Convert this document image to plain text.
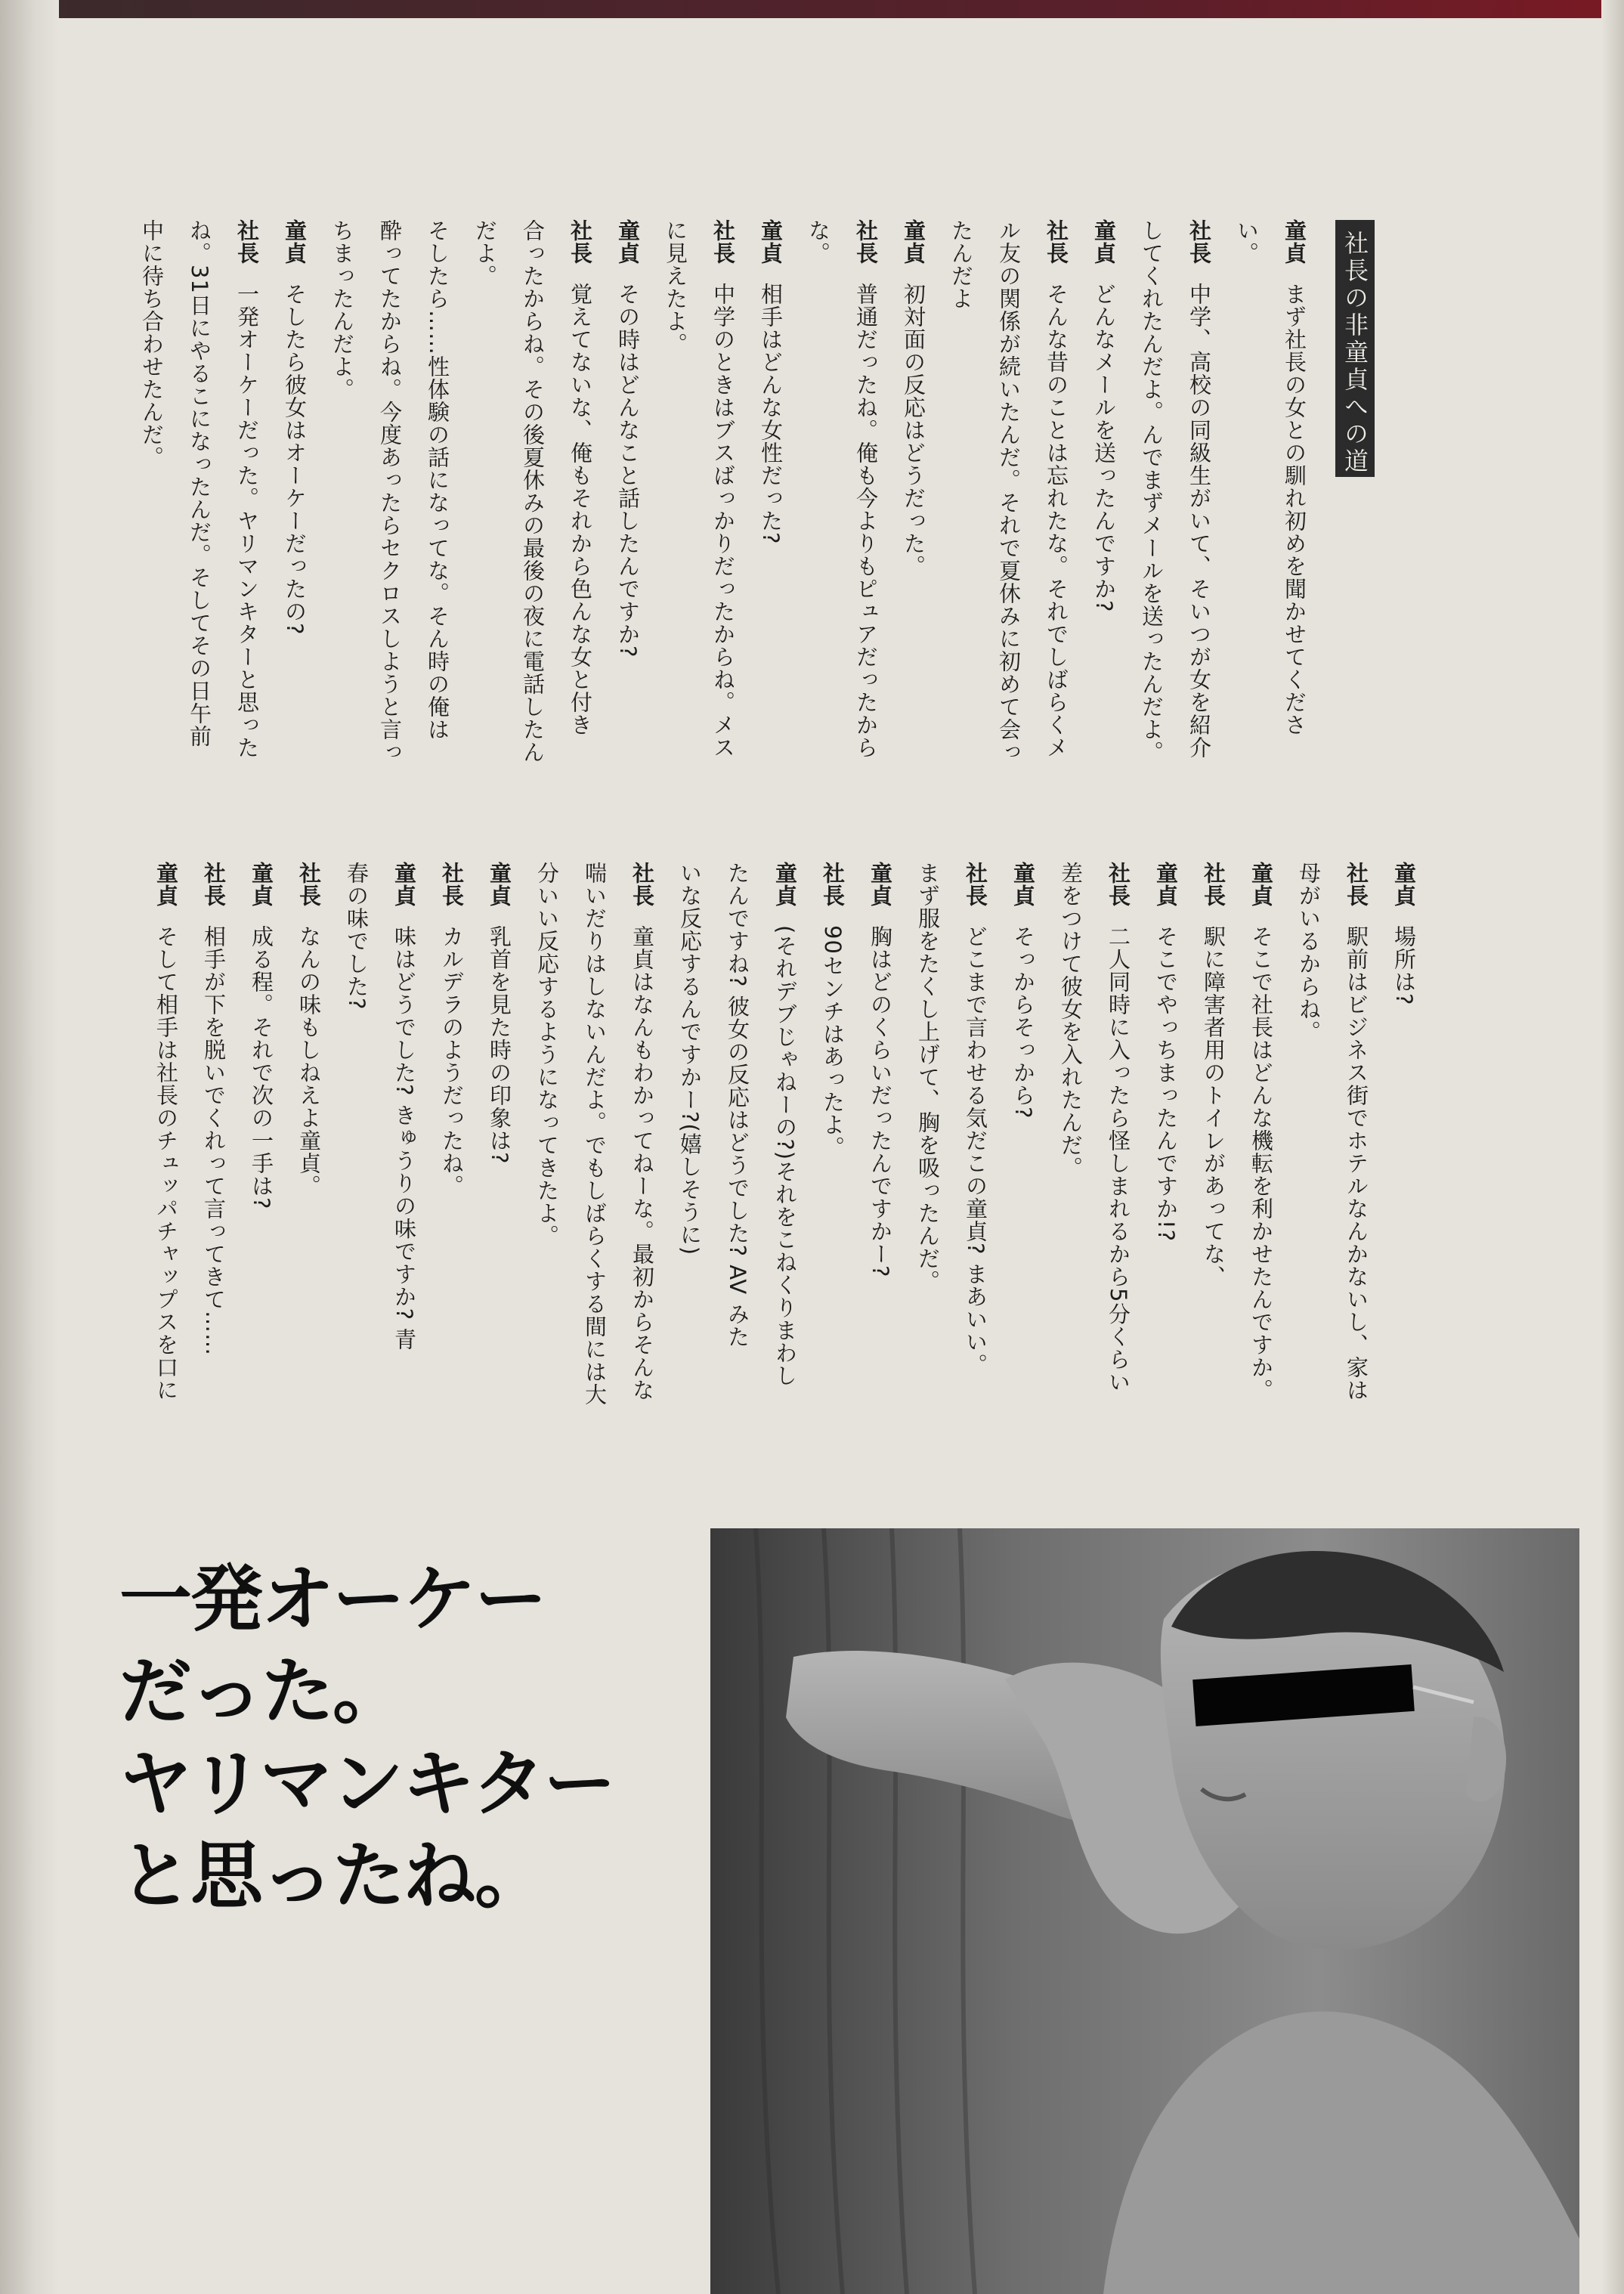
社長の非童貞への道
童貞まず社長の女との馴れ初めを聞かせてくださ
い。
社長中学、高校の同級生がいて、そいつが女を紹介
してくれたんだよ。んでまずメールを送ったんだよ。
童貞どんなメールを送ったんですか?
社長そんな昔のことは忘れたな。それでしばらくメ
ル友の関係が続いたんだ。それで夏休みに初めて会っ
たんだよ
童貞初対面の反応はどうだった。
社長普通だったね。俺も今よりもピュアだったから
な。
童貞相手はどんな女性だった?
社長中学のときはブスばっかりだったからね。メス
に見えたよ。
童貞その時はどんなこと話したんですか?
社長覚えてないな、俺もそれから色んな女と付き
合ったからね。その後夏休みの最後の夜に電話したん
だよ。
そしたら……性体験の話になってな。そん時の俺は
酔ってたからね。今度あったらセクロスしようと言っ
ちまったんだよ。
童貞そしたら彼女はオーケーだったの?
社長一発オーケーだった。ヤリマンキターと思った
ね。31日にやるこになったんだ。そしてその日午前
中に待ち合わせたんだ。
童貞場所は?
社長駅前はビジネス街でホテルなんかないし、家は
母がいるからね。
童貞そこで社長はどんな機転を利かせたんですか。
社長駅に障害者用のトイレがあってな、
童貞そこでやっちまったんですか!?
社長二人同時に入ったら怪しまれるから5分くらい
差をつけて彼女を入れたんだ。
童貞そっからそっから?
社長どこまで言わせる気だこの童貞? まあいい。
まず服をたくし上げて、胸を吸ったんだ。
童貞胸はどのくらいだったんですかー?
社長90センチはあったよ。
童貞(それデブじゃねーの?)それをこねくりまわし
たんですね? 彼女の反応はどうでした? AV みた
いな反応するんですかー?(嬉しそうに)
社長童貞はなんもわかってねーな。最初からそんな
喘いだりはしないんだよ。でもしばらくする間には大
分いい反応するようになってきたよ。
童貞乳首を見た時の印象は?
社長カルデラのようだったね。
童貞味はどうでした? きゅうりの味ですか? 青
春の味でした?
社長なんの味もしねえよ童貞。
童貞成る程。それで次の一手は?
社長相手が下を脱いでくれって言ってきて……
童貞そして相手は社長のチュッパチャップスを口に
一発オーケー
だった。
ヤリマンキター
と思ったね。
